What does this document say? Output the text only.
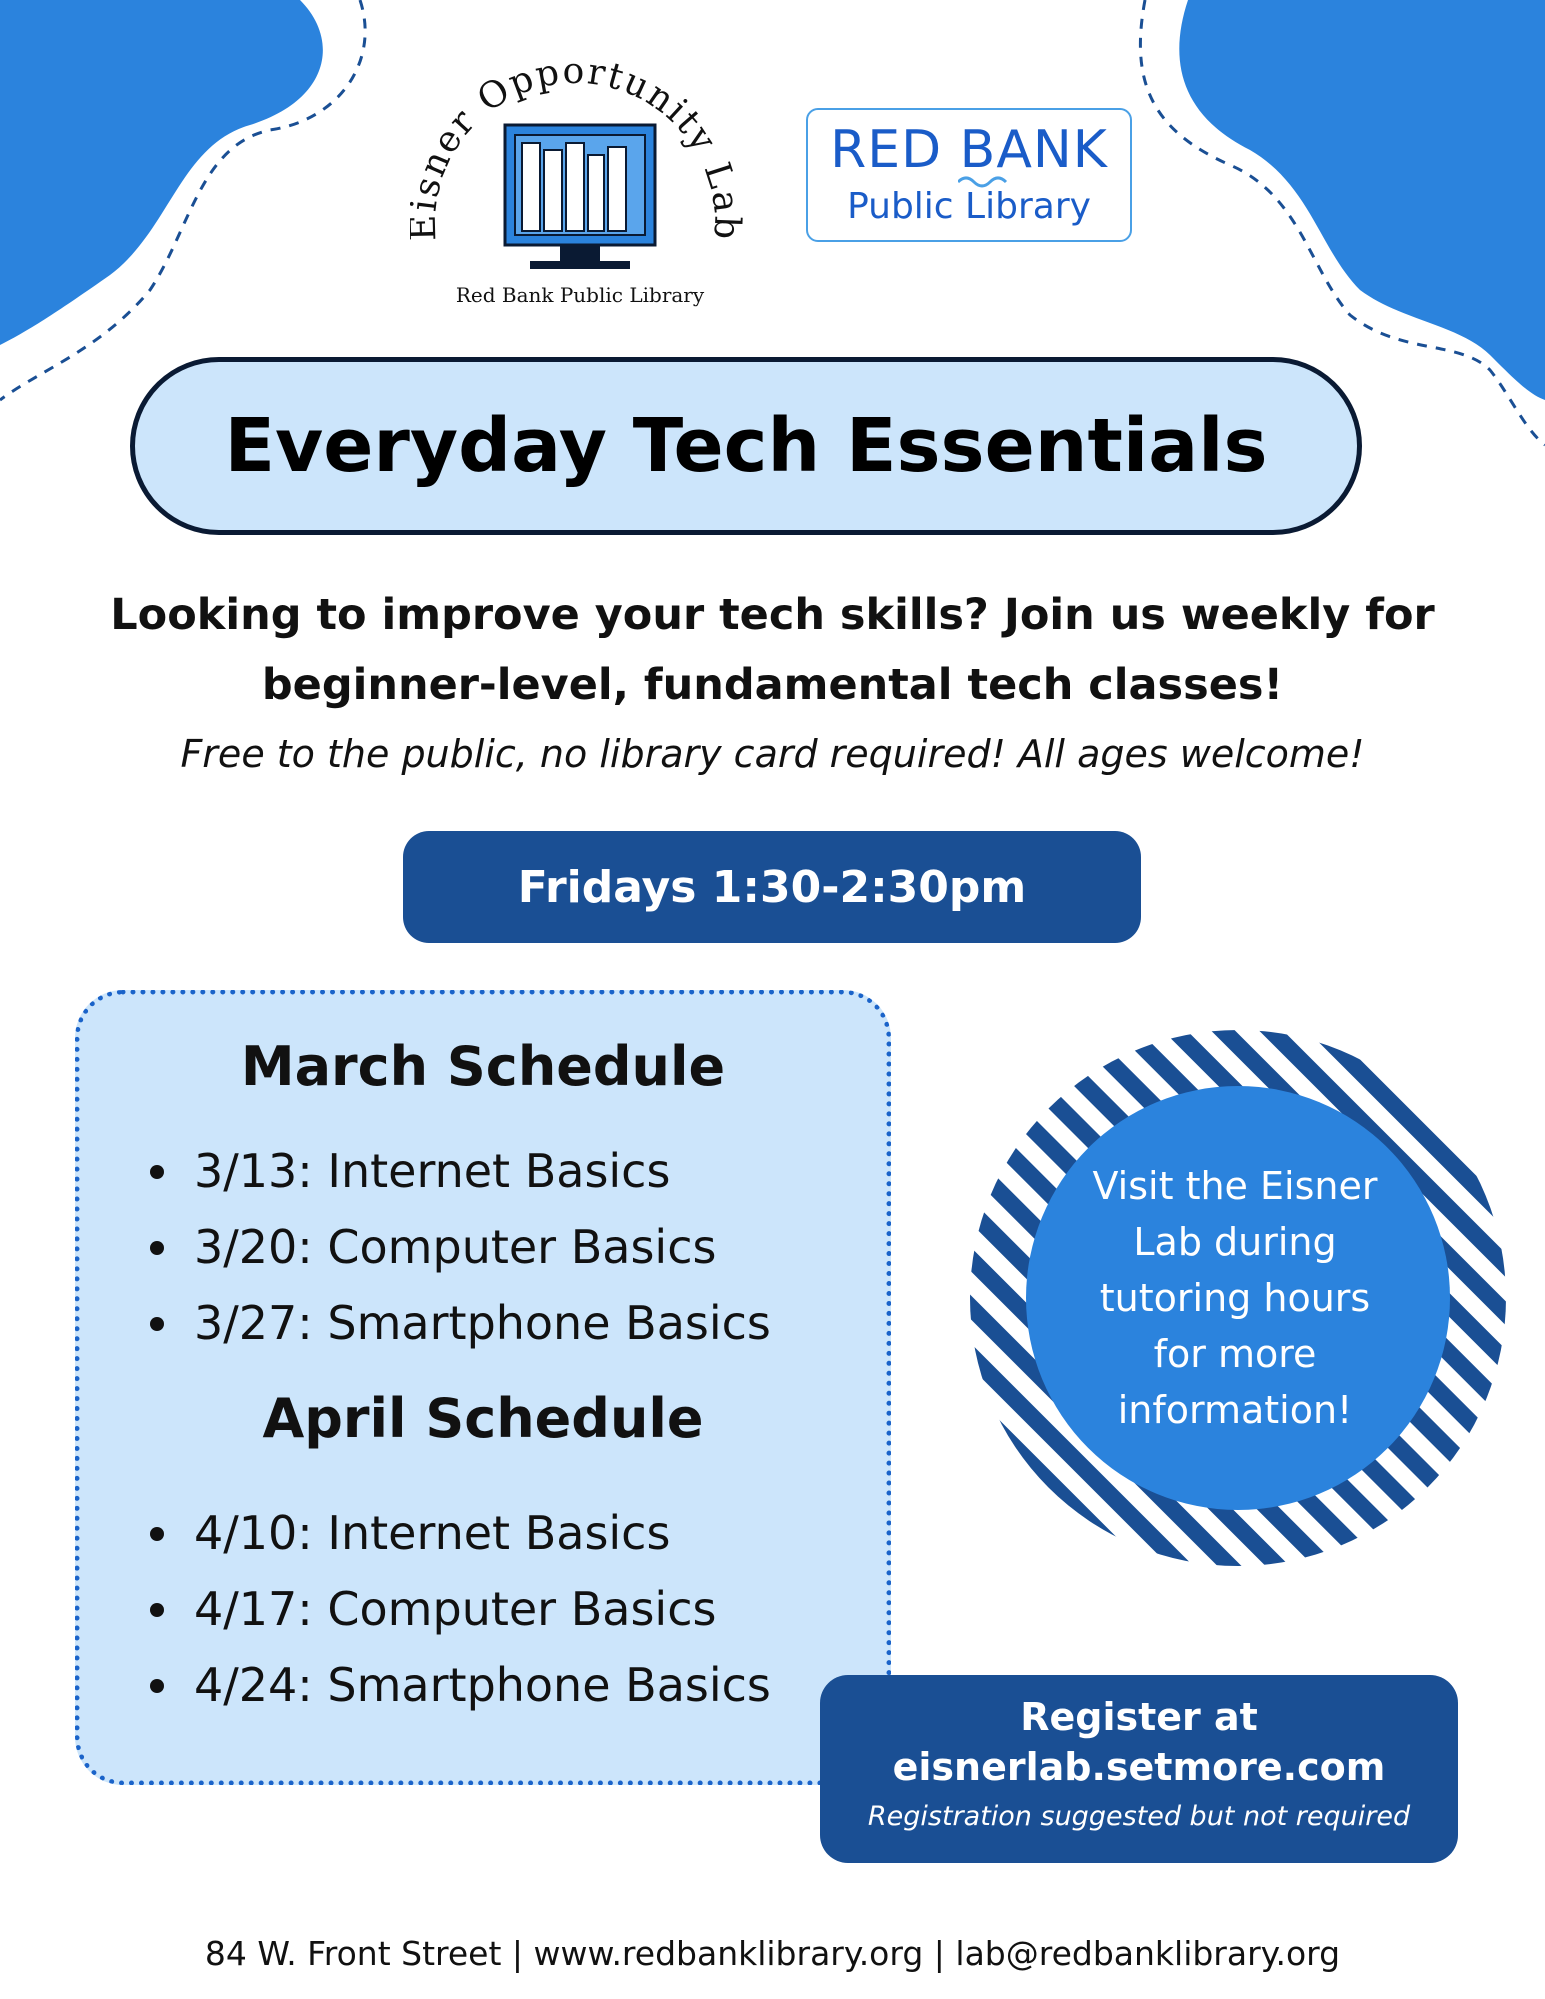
sner Opportunity Lab
Red Bank Public Library
RED BANK
Public Library
Everyday Tech Essentials
Looking to improve your tech skills? Join us weekly for
beginner-level, fundamental tech classes!
Free to the public, no library card required! All ages welcome!
Fridays 1:30-2:30pm
March Schedule
3/13: Internet Basics
3/20: Computer Basics
3/27: Smartphone Basics
April Schedule
4/10: Internet Basics
4/17: Computer Basics
4/24: Smartphone Basics
Visit the Eisner
Lab during
tutoring hours
for more
information!
Register at
eisnerlab.setmore.com
Registration suggested but not required
84 W. Front Street | www.redbanklibrary.org | lab@redbanklibrary.org
